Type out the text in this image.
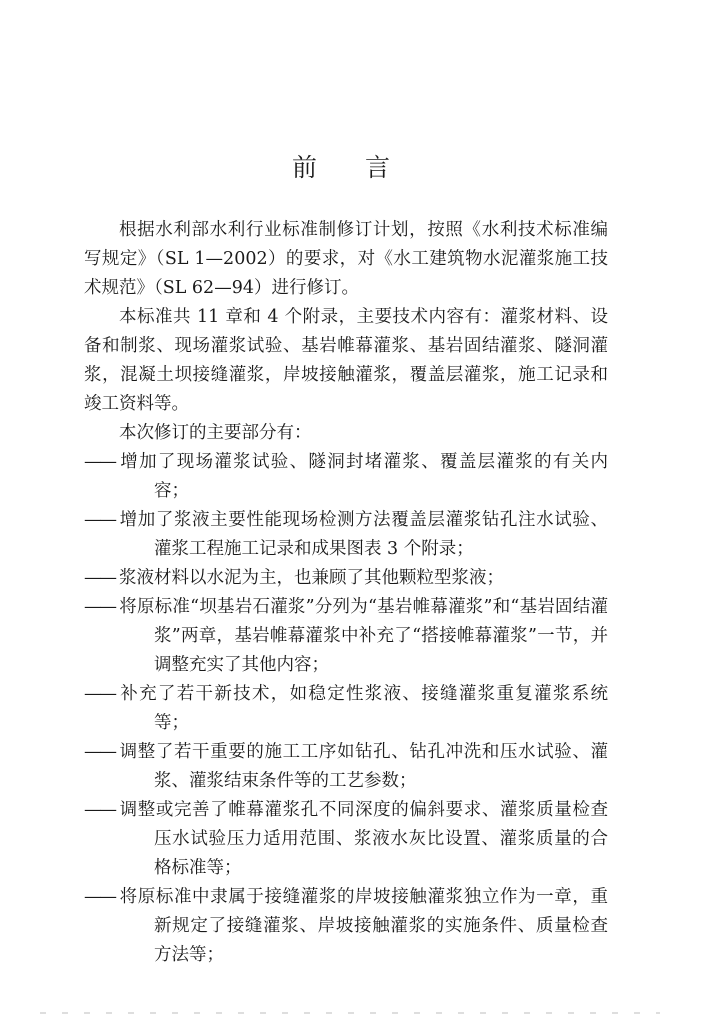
前言

根据水利部水利行业标准制修订计划，按照《水利技术标准编写规定》（SL 1—2002）的要求，对《水工建筑物水泥灌浆施工技术规范》（SL 62—94）进行修订。

本标准共 11 章和 4 个附录，主要技术内容有：灌浆材料、设备和制浆、现场灌浆试验、基岩帷幕灌浆、基岩固结灌浆、隧洞灌浆，混凝土坝接缝灌浆，岸坡接触灌浆，覆盖层灌浆，施工记录和竣工资料等。

本次修订的主要部分有：

—— 增加了现场灌浆试验、隧洞封堵灌浆、覆盖层灌浆的有关内容；

—— 增加了浆液主要性能现场检测方法覆盖层灌浆钻孔注水试验、灌浆工程施工记录和成果图表 3 个附录；

—— 浆液材料以水泥为主，也兼顾了其他颗粒型浆液；

—— 将原标准“坝基岩石灌浆”分列为“基岩帷幕灌浆”和“基岩固结灌浆”两章，基岩帷幕灌浆中补充了“搭接帷幕灌浆”一节，并调整充实了其他内容；

—— 补充了若干新技术，如稳定性浆液、接缝灌浆重复灌浆系统等；

—— 调整了若干重要的施工工序如钻孔、钻孔冲洗和压水试验、灌浆、灌浆结束条件等的工艺参数；

—— 调整或完善了帷幕灌浆孔不同深度的偏斜要求、灌浆质量检查压水试验压力适用范围、浆液水灰比设置、灌浆质量的合格标准等；

—— 将原标准中隶属于接缝灌浆的岸坡接触灌浆独立作为一章，重新规定了接缝灌浆、岸坡接触灌浆的实施条件、质量检查方法等；
